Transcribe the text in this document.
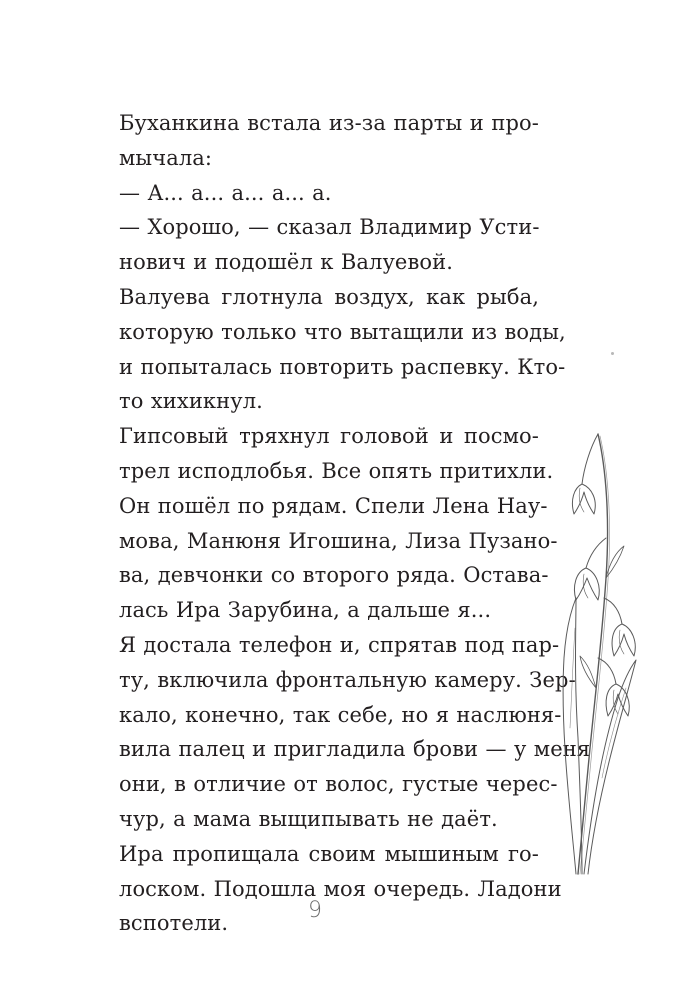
Буханкина встала из-за парты и про-
мычала:
— А... а... а... а... а.
— Хорошо, — сказал Владимир Усти-
нович и подошёл к Валуевой.
Валуева глотнула воздух, как рыба,
которую только что вытащили из воды,
и попыталась повторить распевку. Кто-
то хихикнул.
Гипсовый тряхнул головой и посмо-
трел исподлобья. Все опять притихли.
Он пошёл по рядам. Спели Лена Нау-
мова, Манюня Игошина, Лиза Пузано-
ва, девчонки со второго ряда. Остава-
лась Ира Зарубина, а дальше я...
Я достала телефон и, спрятав под пар-
ту, включила фронтальную камеру. Зер-
кало, конечно, так себе, но я наслюня-
вила палец и пригладила брови — у меня
они, в отличие от волос, густые черес-
чур, а мама выщипывать не даёт.
Ира пропищала своим мышиным го-
лоском. Подошла моя очередь. Ладони
вспотели.
9
